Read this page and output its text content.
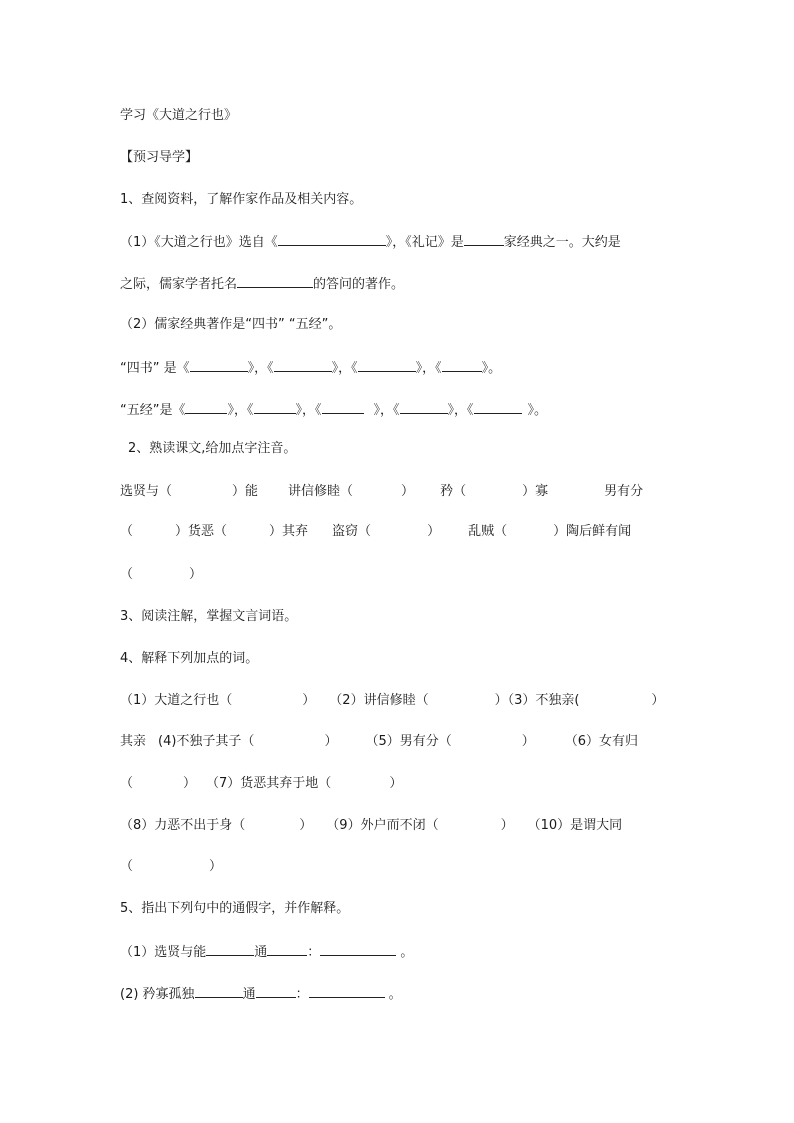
学习《大道之行也》
【预习导学】
1、查阅资料，了解作家作品及相关内容。
（1）《大道之行也》选自《	》，《礼记》是	家经典之一。大约是
之际，儒家学者托名	的答问的著作。
（2）儒家经典著作是“四书” “五经”。
“四书” 是《	》，《	》，《	》，《	》。
“五经”是《	》，《	》，《	》，《	》，《	》。
2、熟读课文,给加点字注音。
选贤与（	）能 讲信修睦（	） 矜（	）寡	男有分
（	）货恶（	）其弃 盗窃（	） 乱贼（	）陶后鲜有闻
（	）
3、阅读注解，掌握文言词语。
4、解释下列加点的词。
（1）大道之行也（	） （2）讲信修睦（	）（3）不独亲(	）
其亲 (4)不独子其子（	） （5）男有分（	） （6）女有归
（	） （7）货恶其弃于地（	）
（8）力恶不出于身（	） （9）外户而不闭（	） （10）是谓大同
（	）
5、指出下列句中的通假字，并作解释。
（1）选贤与能	通	：	。
(2) 矜寡孤独	通	：	。
